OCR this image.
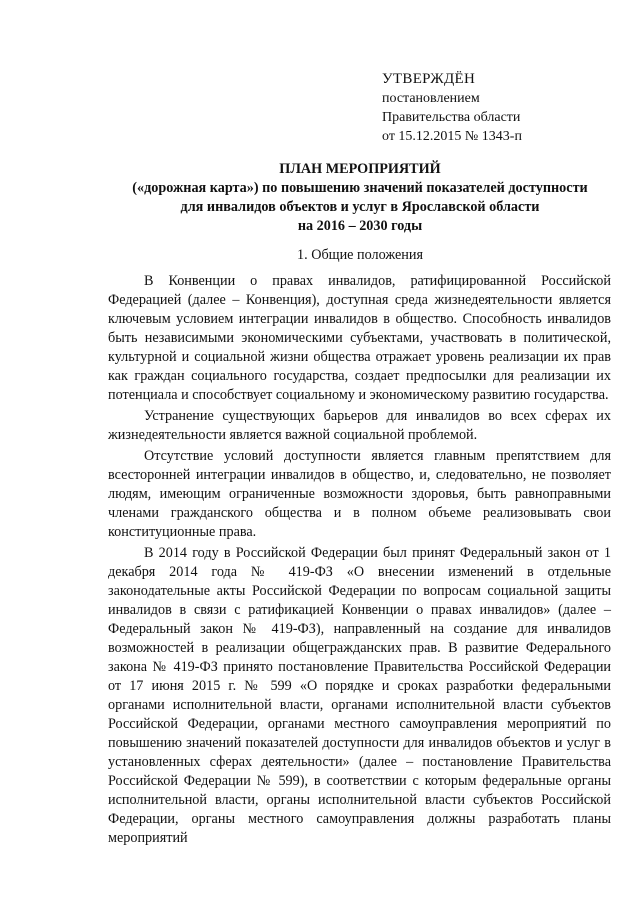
УТВЕРЖДЁН
постановлением
Правительства области
от 15.12.2015 № 1343-п
ПЛАН МЕРОПРИЯТИЙ
(«дорожная карта») по повышению значений показателей доступности
для инвалидов объектов и услуг в Ярославской области
на 2016 – 2030 годы
1. Общие положения

В Конвенции о правах инвалидов, ратифицированной Российской Федерацией (далее – Конвенция), доступная среда жизнедеятельности является ключевым условием интеграции инвалидов в общество. Способность инвалидов быть независимыми экономическими субъектами, участвовать в политической, культурной и социальной жизни общества отражает уровень реализации их прав как граждан социального государства, создает предпосылки для реализации их потенциала и способствует социальному и экономическому развитию государства.

Устранение существующих барьеров для инвалидов во всех сферах их жизнедеятельности является важной социальной проблемой.

Отсутствие условий доступности является главным препятствием для всесторонней интеграции инвалидов в общество, и, следовательно, не позволяет людям, имеющим ограниченные возможности здоровья, быть равноправными членами гражданского общества и в полном объеме реализовывать свои конституционные права.

В 2014 году в Российской Федерации был принят Федеральный закон от 1 декабря 2014 года № 419-ФЗ «О внесении изменений в отдельные законодательные акты Российской Федерации по вопросам социальной защиты инвалидов в связи с ратификацией Конвенции о правах инвалидов» (далее – Федеральный закон № 419-ФЗ), направленный на создание для инвалидов возможностей в реализации общегражданских прав. В развитие Федерального закона № 419-ФЗ принято постановление Правительства Российской Федерации от 17 июня 2015 г. № 599 «О порядке и сроках разработки федеральными органами исполнительной власти, органами исполнительной власти субъектов Российской Федерации, органами местного самоуправления мероприятий по повышению значений показателей доступности для инвалидов объектов и услуг в установленных сферах деятельности» (далее – постановление Правительства Российской Федерации № 599), в соответствии с которым федеральные органы исполнительной власти, органы исполнительной власти субъектов Российской Федерации, органы местного самоуправления должны разработать планы мероприятий
